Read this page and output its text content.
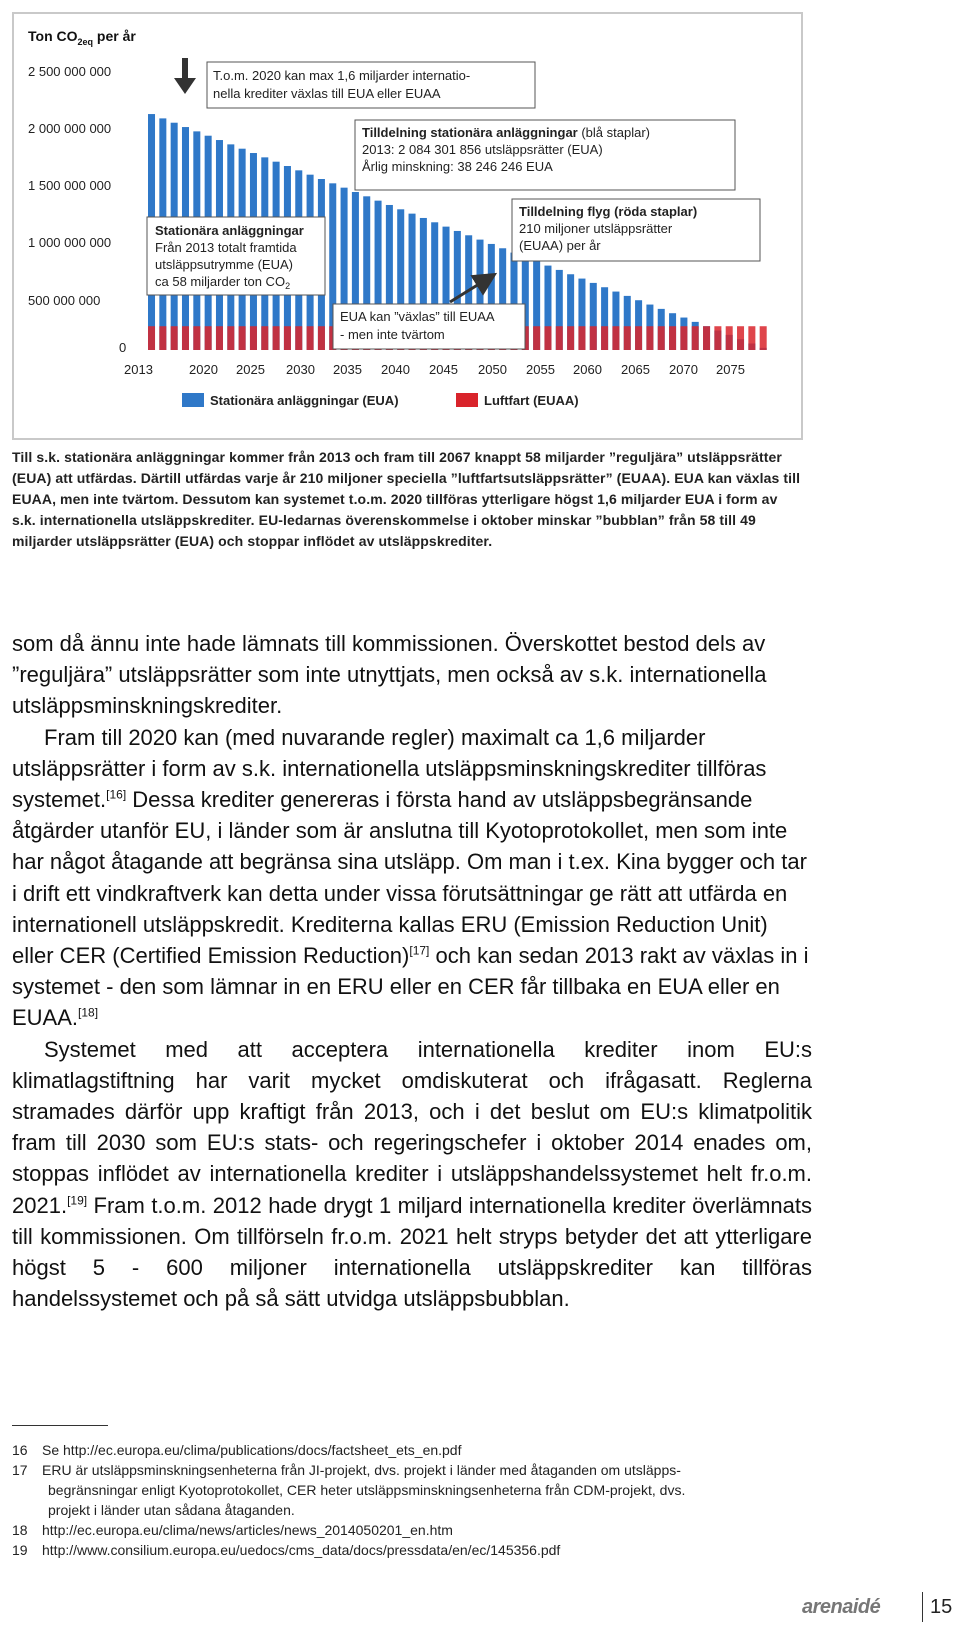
Ton $CO_{2eq}$ per år
2 500 000 000
2 000 000 000
1 500 000 000
1 000 000 000
500 000 000
0
2013	2020 2025 2030 2035 2040 2045 2050 2055 2060 2065 2070 2075
T.o.m. 2020 kan max 1,6 miljarder internatio-
nella krediter växlas till EUA eller EUAA
Tilldelning stationära anläggningar (blå staplar)
2013: 2 084 301 856 utsläppsrätter (EUA)
Årlig minskning: 38 246 246 EUA
Tilldelning flyg (röda staplar)
210 miljoner utsläppsrätter
(EUAA) per år
Stationära anläggningar
Från 2013 totalt framtida
utsläppsutrymme (EUA)
ca 58 miljarder ton $CO_2$
EUA kan ”växlas” till EUAA
- men inte tvärtom
Stationära anläggningar (EUA)	Luftfart (EUAA)
Till s.k. stationära anläggningar kommer från 2013 och fram till 2067 knappt 58 miljarder ”reguljära” utsläppsrätter (EUA) att utfärdas. Därtill utfärdas varje år 210 miljoner speciella ”luftfartsutsläppsrätter” (EUAA). EUA kan växlas till EUAA, men inte tvärtom. Dessutom kan systemet t.o.m. 2020 tillföras ytterligare högst 1,6 miljarder EUA i form av s.k. internationella utsläppskrediter. EU-ledarnas överenskommelse i oktober minskar ”bubblan” från 58 till 49 miljarder utsläppsrätter (EUA) och stoppar inflödet av utsläppskrediter.

som då ännu inte hade lämnats till kommissionen. Överskottet bestod dels av ”reguljära” utsläppsrätter som inte utnyttjats, men också av s.k. internationella utsläppsminskningskrediter.

Fram till 2020 kan (med nuvarande regler) maximalt ca 1,6 miljarder utsläppsrätter i form av s.k. internationella utsläppsminskningskrediter tillföras systemet.[16] Dessa krediter genereras i första hand av utsläppsbegränsande åtgärder utanför EU, i länder som är anslutna till Kyotoprotokollet, men som inte har något åtagande att begränsa sina utsläpp. Om man i t.ex. Kina bygger och tar i drift ett vindkraftverk kan detta under vissa förutsättningar ge rätt att utfärda en internationell utsläppskredit. Krediterna kallas ERU (Emission Reduction Unit) eller CER (Certified Emission Reduction)[17] och kan sedan 2013 rakt av växlas in i systemet - den som lämnar in en ERU eller en CER får tillbaka en EUA eller en EUAA.[18]

Systemet med att acceptera internationella krediter inom EU:s klimatlagstiftning har varit mycket omdiskuterat och ifrågasatt. Reglerna stramades därför upp kraftigt från 2013, och i det beslut om EU:s klimatpolitik fram till 2030 som EU:s stats- och regeringschefer i oktober 2014 enades om, stoppas inflödet av internationella krediter i utsläppshandelssystemet helt fr.o.m. 2021.[19] Fram t.o.m. 2012 hade drygt 1 miljard internationella krediter överlämnats till kommissionen. Om tillförseln fr.o.m. 2021 helt stryps betyder det att ytterligare högst 5 - 600 miljoner internationella utsläppskrediter kan tillföras handelssystemet och på så sätt utvidga utsläppsbubblan.

16	Se http://ec.europa.eu/clima/publications/docs/factsheet_ets_en.pdf
17	ERU är utsläppsminskningsenheterna från JI-projekt, dvs. projekt i länder med åtaganden om utsläpps-
begränsningar enligt Kyotoprotokollet, CER heter utsläppsminskningsenheterna från CDM-projekt, dvs.
projekt i länder utan sådana åtaganden.
18	http://ec.europa.eu/clima/news/articles/news_2014050201_en.htm
19	http://www.consilium.europa.eu/uedocs/cms_data/docs/pressdata/en/ec/145356.pdf
arenaidé 15
